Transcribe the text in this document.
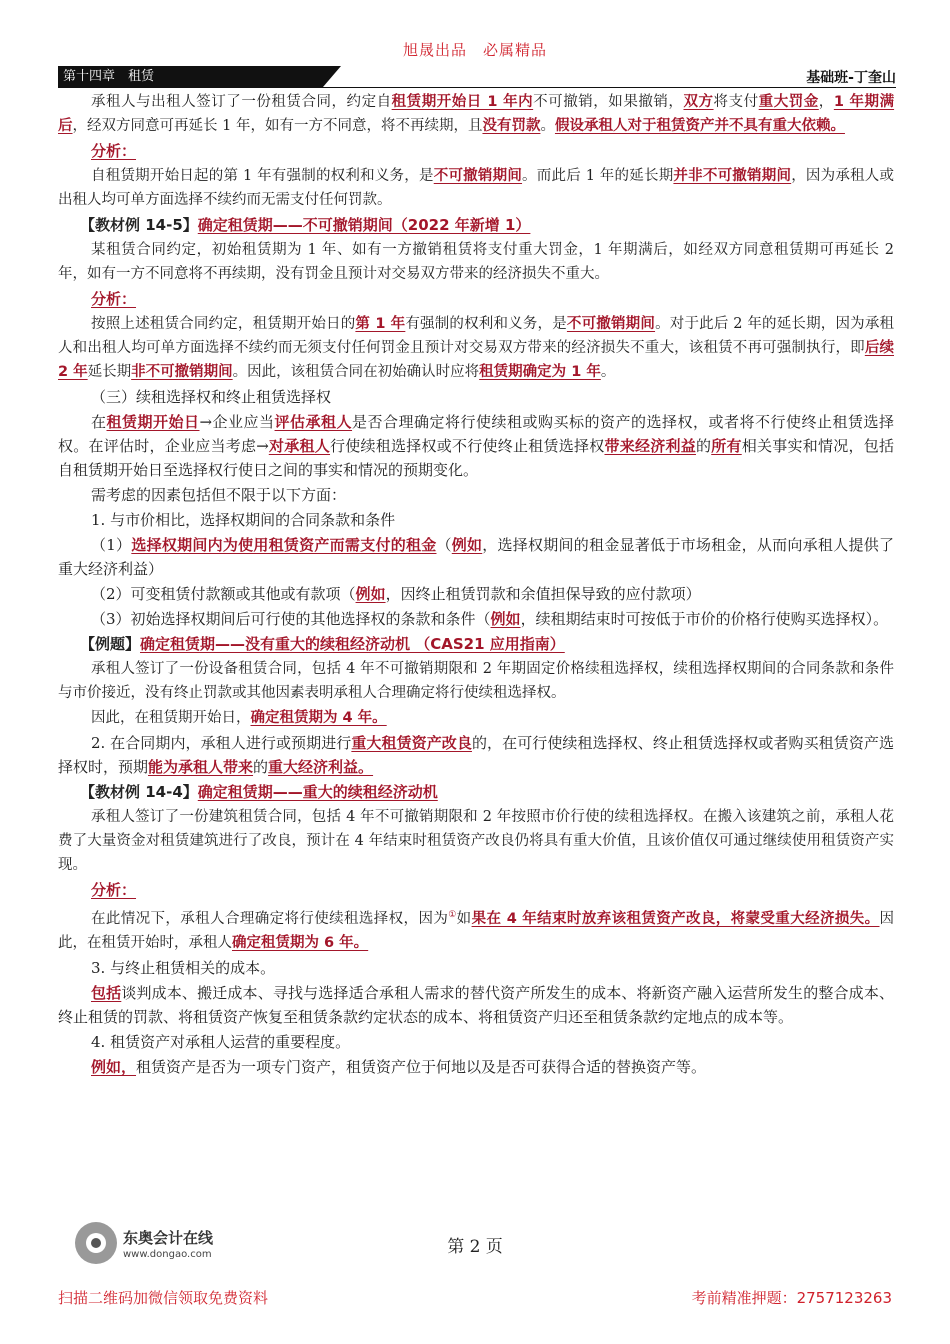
旭晟出品　必属精品
第十四章　租赁	基础班-丁奎山
承租人与出租人签订了一份租赁合同，约定自租赁期开始日 1 年内不可撤销，如果撤销，双方将支付重大罚金，1 年期满后，经双方同意可再延长 1 年，如有一方不同意，将不再续期，且没有罚款。假设承租人对于租赁资产并不具有重大依赖。
分析：
自租赁期开始日起的第 1 年有强制的权利和义务，是不可撤销期间。而此后 1 年的延长期并非不可撤销期间，因为承租人或出租人均可单方面选择不续约而无需支付任何罚款。
【教材例 14-5】确定租赁期——不可撤销期间（2022 年新增 1）
某租赁合同约定，初始租赁期为 1 年、如有一方撤销租赁将支付重大罚金，1 年期满后，如经双方同意租赁期可再延长 2 年，如有一方不同意将不再续期，没有罚金且预计对交易双方带来的经济损失不重大。
分析：
按照上述租赁合同约定，租赁期开始日的第 1 年有强制的权利和义务，是不可撤销期间。对于此后 2 年的延长期，因为承租人和出租人均可单方面选择不续约而无须支付任何罚金且预计对交易双方带来的经济损失不重大，该租赁不再可强制执行，即后续 2 年延长期非不可撤销期间。因此，该租赁合同在初始确认时应将租赁期确定为 1 年。
（三）续租选择权和终止租赁选择权
在租赁期开始日→企业应当评估承租人是否合理确定将行使续租或购买标的资产的选择权，或者将不行使终止租赁选择权。在评估时，企业应当考虑→对承租人行使续租选择权或不行使终止租赁选择权带来经济利益的所有相关事实和情况，包括自租赁期开始日至选择权行使日之间的事实和情况的预期变化。
需考虑的因素包括但不限于以下方面：
1. 与市价相比，选择权期间的合同条款和条件
（1）选择权期间内为使用租赁资产而需支付的租金（例如，选择权期间的租金显著低于市场租金，从而向承租人提供了重大经济利益）
（2）可变租赁付款额或其他或有款项（例如，因终止租赁罚款和余值担保导致的应付款项）
（3）初始选择权期间后可行使的其他选择权的条款和条件（例如，续租期结束时可按低于市价的价格行使购买选择权）。
【例题】确定租赁期——没有重大的续租经济动机 （CAS21 应用指南）
承租人签订了一份设备租赁合同，包括 4 年不可撤销期限和 2 年期固定价格续租选择权，续租选择权期间的合同条款和条件与市价接近，没有终止罚款或其他因素表明承租人合理确定将行使续租选择权。
因此，在租赁期开始日，确定租赁期为 4 年。
2. 在合同期内，承租人进行或预期进行重大租赁资产改良的，在可行使续租选择权、终止租赁选择权或者购买租赁资产选择权时，预期能为承租人带来的重大经济利益。
【教材例 14-4】确定租赁期——重大的续租经济动机
承租人签订了一份建筑租赁合同，包括 4 年不可撤销期限和 2 年按照市价行使的续租选择权。在搬入该建筑之前，承租人花费了大量资金对租赁建筑进行了改良，预计在 4 年结束时租赁资产改良仍将具有重大价值，且该价值仅可通过继续使用租赁资产实现。
分析：
在此情况下，承租人合理确定将行使续租选择权，因为①如果在 4 年结束时放弃该租赁资产改良，将蒙受重大经济损失。因此，在租赁开始时，承租人确定租赁期为 6 年。
3. 与终止租赁相关的成本。
包括谈判成本、搬迁成本、寻找与选择适合承租人需求的替代资产所发生的成本、将新资产融入运营所发生的整合成本、终止租赁的罚款、将租赁资产恢复至租赁条款约定状态的成本、将租赁资产归还至租赁条款约定地点的成本等。
4. 租赁资产对承租人运营的重要程度。
例如，租赁资产是否为一项专门资产，租赁资产位于何地以及是否可获得合适的替换资产等。
东奥会计在线
www.dongao.com	第 2 页
扫描二维码加微信领取免费资料	考前精准押题：2757123263
